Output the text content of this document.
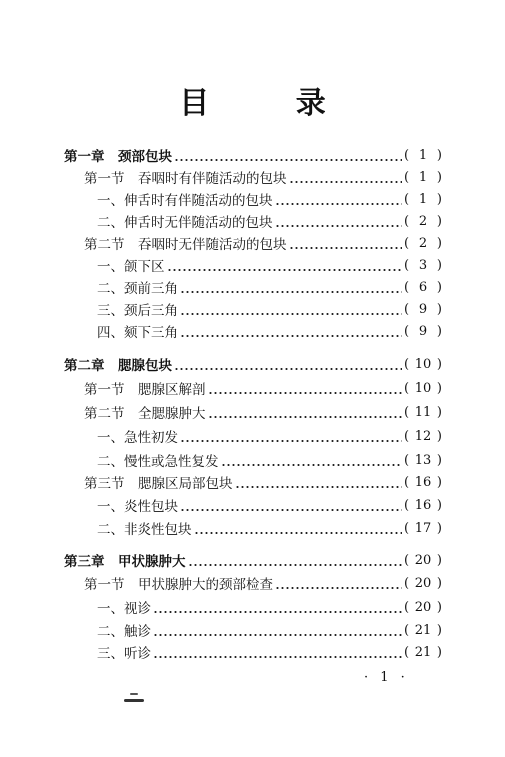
目 录
第一章　颈部包块	( 1 )
第一节　吞咽时有伴随活动的包块	( 1 )
一、伸舌时有伴随活动的包块	( 1 )
二、伸舌时无伴随活动的包块	( 2 )
第二节　吞咽时无伴随活动的包块	( 2 )
一、颌下区	( 3 )
二、颈前三角	( 6 )
三、颈后三角	( 9 )
四、颏下三角	( 9 )
第二章　腮腺包块	( 10 )
第一节　腮腺区解剖	( 10 )
第二节　全腮腺肿大	( 11 )
一、急性初发	( 12 )
二、慢性或急性复发	( 13 )
第三节　腮腺区局部包块	( 16 )
一、炎性包块	( 16 )
二、非炎性包块	( 17 )
第三章　甲状腺肿大	( 20 )
第一节　甲状腺肿大的颈部检查	( 20 )
一、视诊	( 20 )
二、触诊	( 21 )
三、听诊	( 21 )
· 1 ·
